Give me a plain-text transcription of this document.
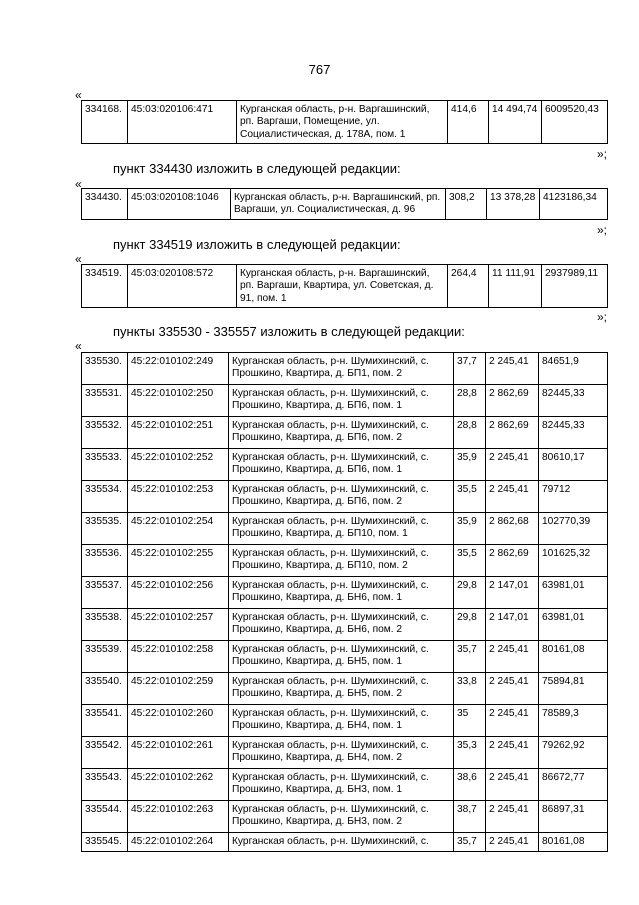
767
«
334168.	45:03:020106:471	Курганская область, р-н. Варгашинский, рп. Варгаши, Помещение, ул. Социалистическая, д. 178А, пом. 1	414,6	14 494,74	6009520,43
»;
пункт 334430 изложить в следующей редакции:
«
334430.	45:03:020108:1046	Курганская область, р-н. Варгашинский, рп. Варгаши, ул. Социалистическая, д. 96	308,2	13 378,28	4123186,34
»;
пункт 334519 изложить в следующей редакции:
«
334519.	45:03:020108:572	Курганская область, р-н. Варгашинский, рп. Варгаши, Квартира, ул. Советская, д. 91, пом. 1	264,4	11 111,91	2937989,11
»;
пункты 335530 - 335557 изложить в следующей редакции:
«
335530.	45:22:010102:249	Курганская область, р-н. Шумихинский, с. Прошкино, Квартира, д. БП1, пом. 2	37,7	2 245,41	84651,9
335531.	45:22:010102:250	Курганская область, р-н. Шумихинский, с. Прошкино, Квартира, д. БП6, пом. 1	28,8	2 862,69	82445,33
335532.	45:22:010102:251	Курганская область, р-н. Шумихинский, с. Прошкино, Квартира, д. БП6, пом. 2	28,8	2 862,69	82445,33
335533.	45:22:010102:252	Курганская область, р-н. Шумихинский, с. Прошкино, Квартира, д. БП6, пом. 1	35,9	2 245,41	80610,17
335534.	45:22:010102:253	Курганская область, р-н. Шумихинский, с. Прошкино, Квартира, д. БП6, пом. 2	35,5	2 245,41	79712
335535.	45:22:010102:254	Курганская область, р-н. Шумихинский, с. Прошкино, Квартира, д. БП10, пом. 1	35,9	2 862,68	102770,39
335536.	45:22:010102:255	Курганская область, р-н. Шумихинский, с. Прошкино, Квартира, д. БП10, пом. 2	35,5	2 862,69	101625,32
335537.	45:22:010102:256	Курганская область, р-н. Шумихинский, с. Прошкино, Квартира, д. БН6, пом. 1	29,8	2 147,01	63981,01
335538.	45:22:010102:257	Курганская область, р-н. Шумихинский, с. Прошкино, Квартира, д. БН6, пом. 2	29,8	2 147,01	63981,01
335539.	45:22:010102:258	Курганская область, р-н. Шумихинский, с. Прошкино, Квартира, д. БН5, пом. 1	35,7	2 245,41	80161,08
335540.	45:22:010102:259	Курганская область, р-н. Шумихинский, с. Прошкино, Квартира, д. БН5, пом. 2	33,8	2 245,41	75894,81
335541.	45:22:010102:260	Курганская область, р-н. Шумихинский, с. Прошкино, Квартира, д. БН4, пом. 1	35	2 245,41	78589,3
335542.	45:22:010102:261	Курганская область, р-н. Шумихинский, с. Прошкино, Квартира, д. БН4, пом. 2	35,3	2 245,41	79262,92
335543.	45:22:010102:262	Курганская область, р-н. Шумихинский, с. Прошкино, Квартира, д. БН3, пом. 1	38,6	2 245,41	86672,77
335544.	45:22:010102:263	Курганская область, р-н. Шумихинский, с. Прошкино, Квартира, д. БН3, пом. 2	38,7	2 245,41	86897,31
335545.	45:22:010102:264	Курганская область, р-н. Шумихинский, с.	35,7	2 245,41	80161,08
